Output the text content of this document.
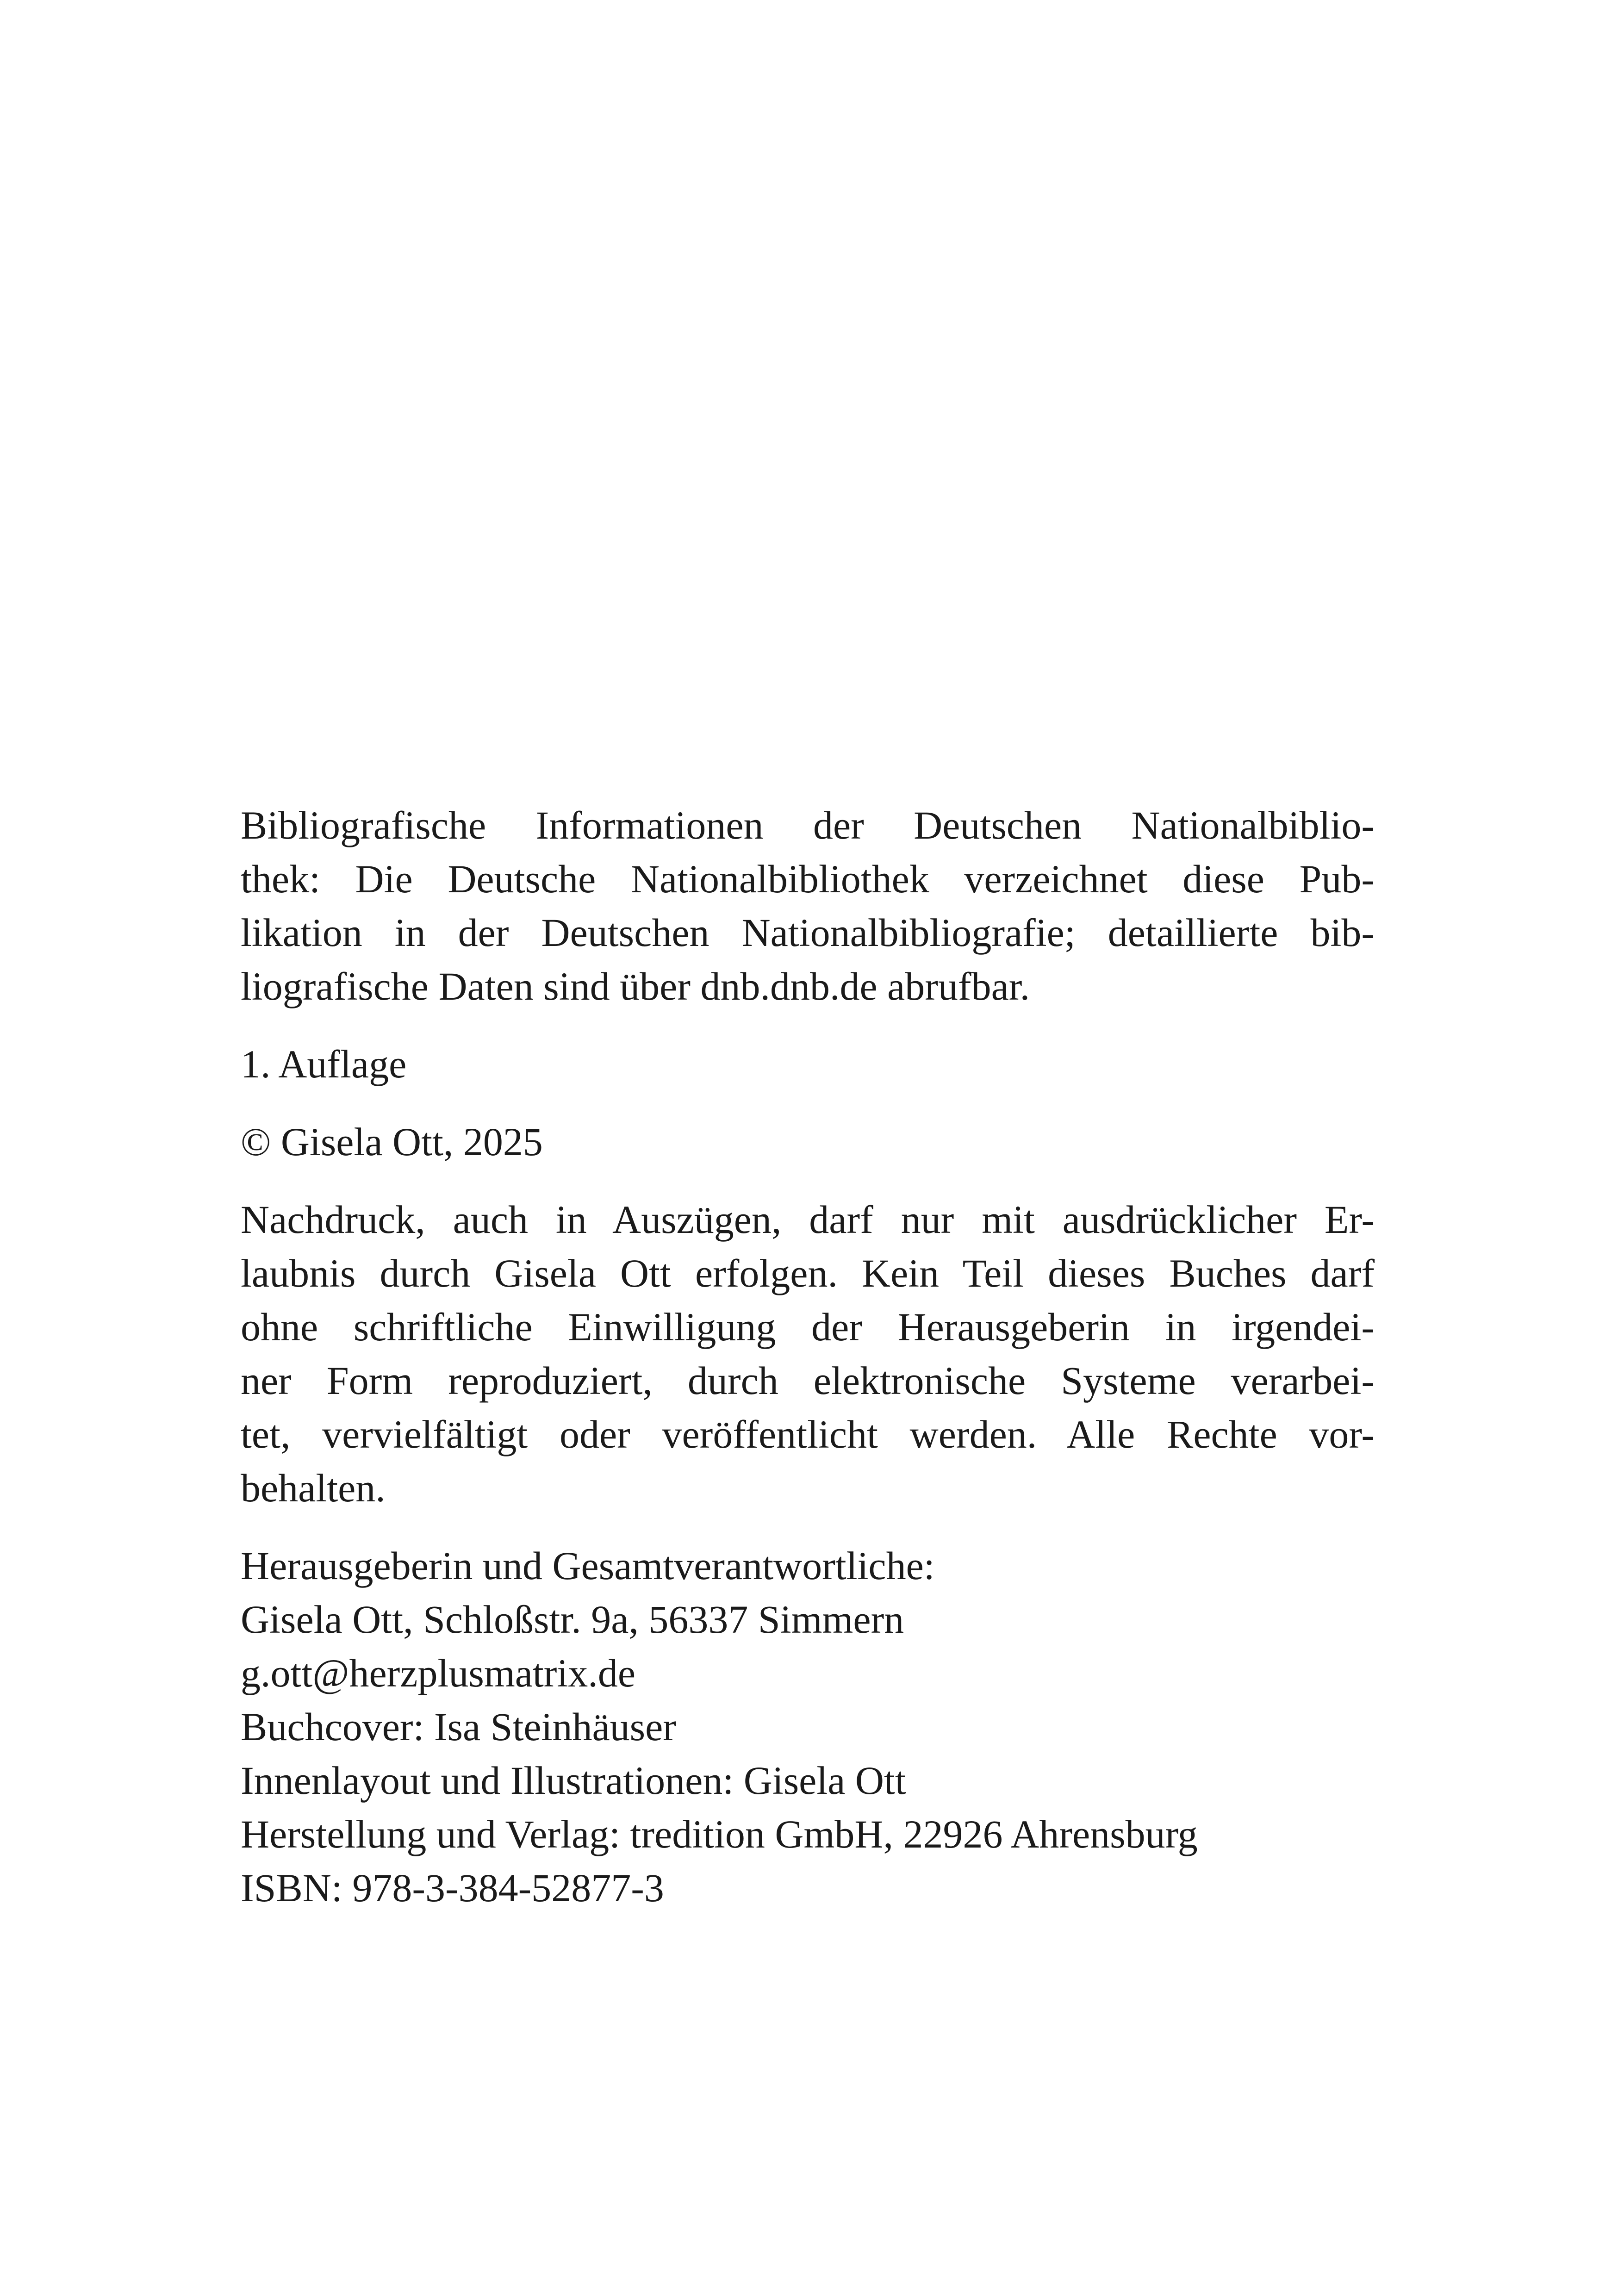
Bibliografische Informationen der Deutschen Nationalbiblio-
thek: Die Deutsche Nationalbibliothek verzeichnet diese Pub-
likation in der Deutschen Nationalbibliografie; detaillierte bib-
liografische Daten sind über dnb.dnb.de abrufbar.
1. Auflage
© Gisela Ott, 2025
Nachdruck, auch in Auszügen, darf nur mit ausdrücklicher Er-
laubnis durch Gisela Ott erfolgen. Kein Teil dieses Buches darf
ohne schriftliche Einwilligung der Herausgeberin in irgendei-
ner Form reproduziert, durch elektronische Systeme verarbei-
tet, vervielfältigt oder veröffentlicht werden. Alle Rechte vor-
behalten.
Herausgeberin und Gesamtverantwortliche:
Gisela Ott, Schloßstr. 9a, 56337 Simmern
g.ott@herzplusmatrix.de
Buchcover: Isa Steinhäuser
Innenlayout und Illustrationen: Gisela Ott
Herstellung und Verlag: tredition GmbH, 22926 Ahrensburg
ISBN: 978-3-384-52877-3
